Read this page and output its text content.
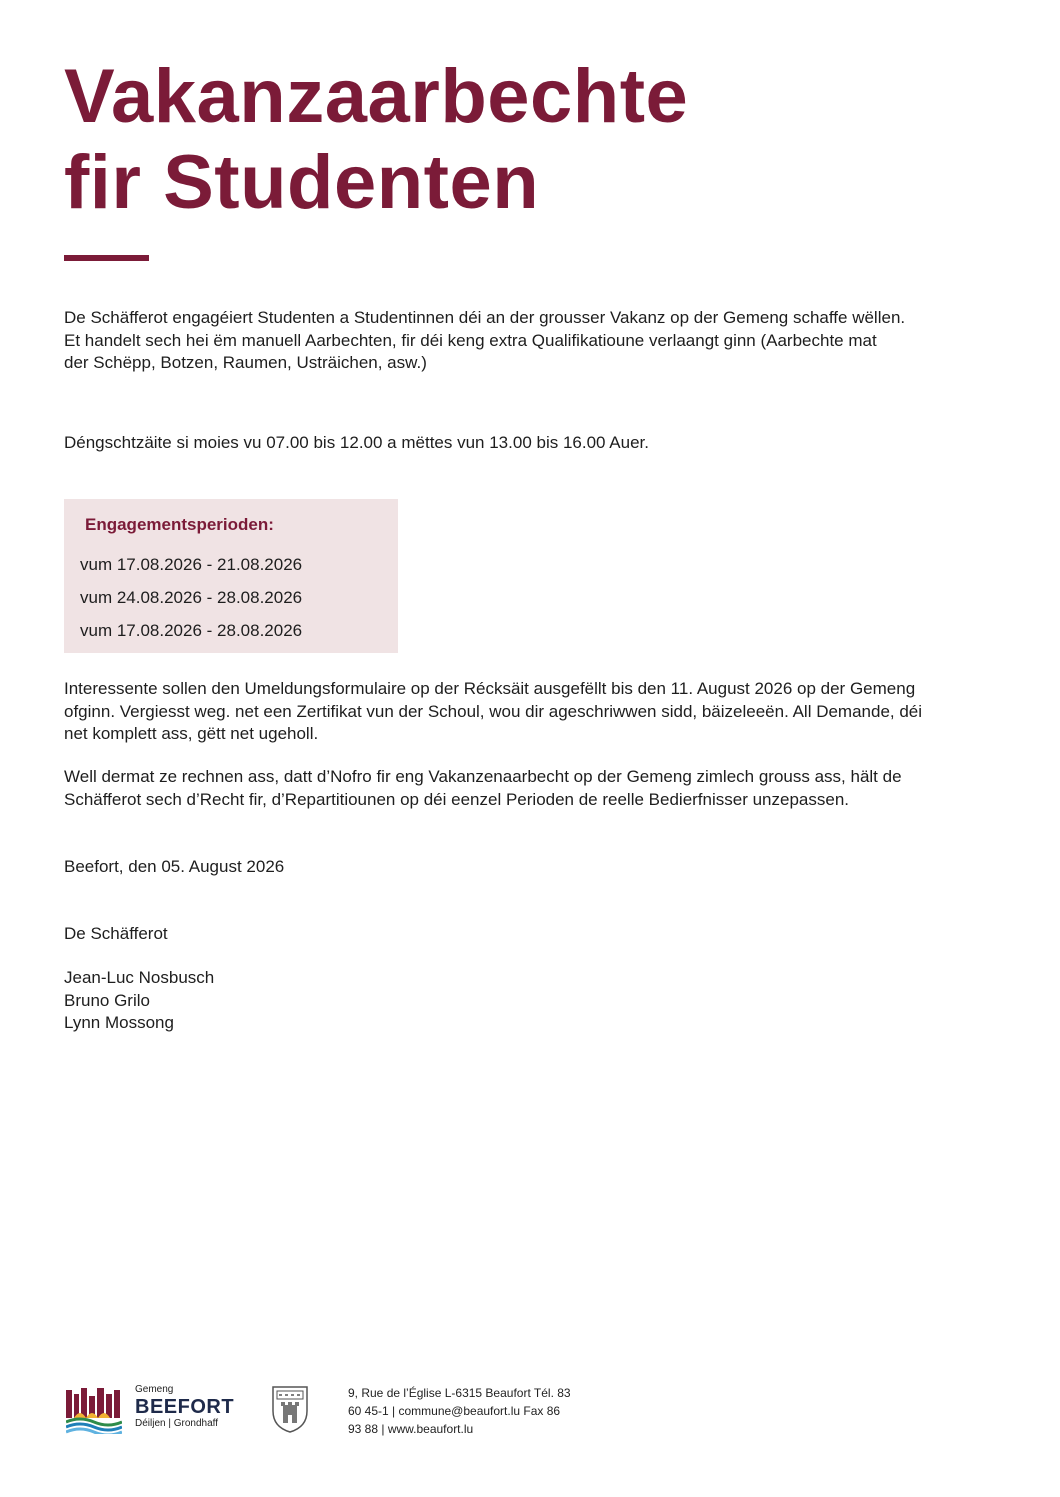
Vakanzaarbechte
fir Studenten

De Schäfferot engagéiert Studenten a Studentinnen déi an der grousser Vakanz op der Gemeng schaffe wëllen.
Et handelt sech hei ëm manuell Aarbechten, fir déi keng extra Qualifikatioune verlaangt ginn (Aarbechte mat
der Schëpp, Botzen, Raumen, Usträichen, asw.)

Déngschtzäite si moies vu 07.00 bis 12.00 a mëttes vun 13.00 bis 16.00 Auer.

Engagementsperioden:
vum 17.08.2026 - 21.08.2026
vum 24.08.2026 - 28.08.2026
vum 17.08.2026 - 28.08.2026

Interessente sollen den Umeldungsformulaire op der Récksäit ausgefëllt bis den 11. August 2026 op der Gemeng
ofginn. Vergiesst weg. net een Zertifikat vun der Schoul, wou dir ageschriwwen sidd, bäizeleeën. All Demande, déi
net komplett ass, gëtt net ugeholl.

Well dermat ze rechnen ass, datt d’Nofro fir eng Vakanzenaarbecht op der Gemeng zimlech grouss ass, hält de
Schäfferot sech d’Recht fir, d’Repartitiounen op déi eenzel Perioden de reelle Bedierfnisser unzepassen.

Beefort, den 05. August 2026

De Schäfferot

Jean-Luc Nosbusch
Bruno Grilo
Lynn Mossong

Gemeng
BEEFORT
Déiljen | Grondhaff
9, Rue de l’Église L-6315 Beaufort Tél. 83
60 45-1 | commune@beaufort.lu Fax 86
93 88 | www.beaufort.lu
